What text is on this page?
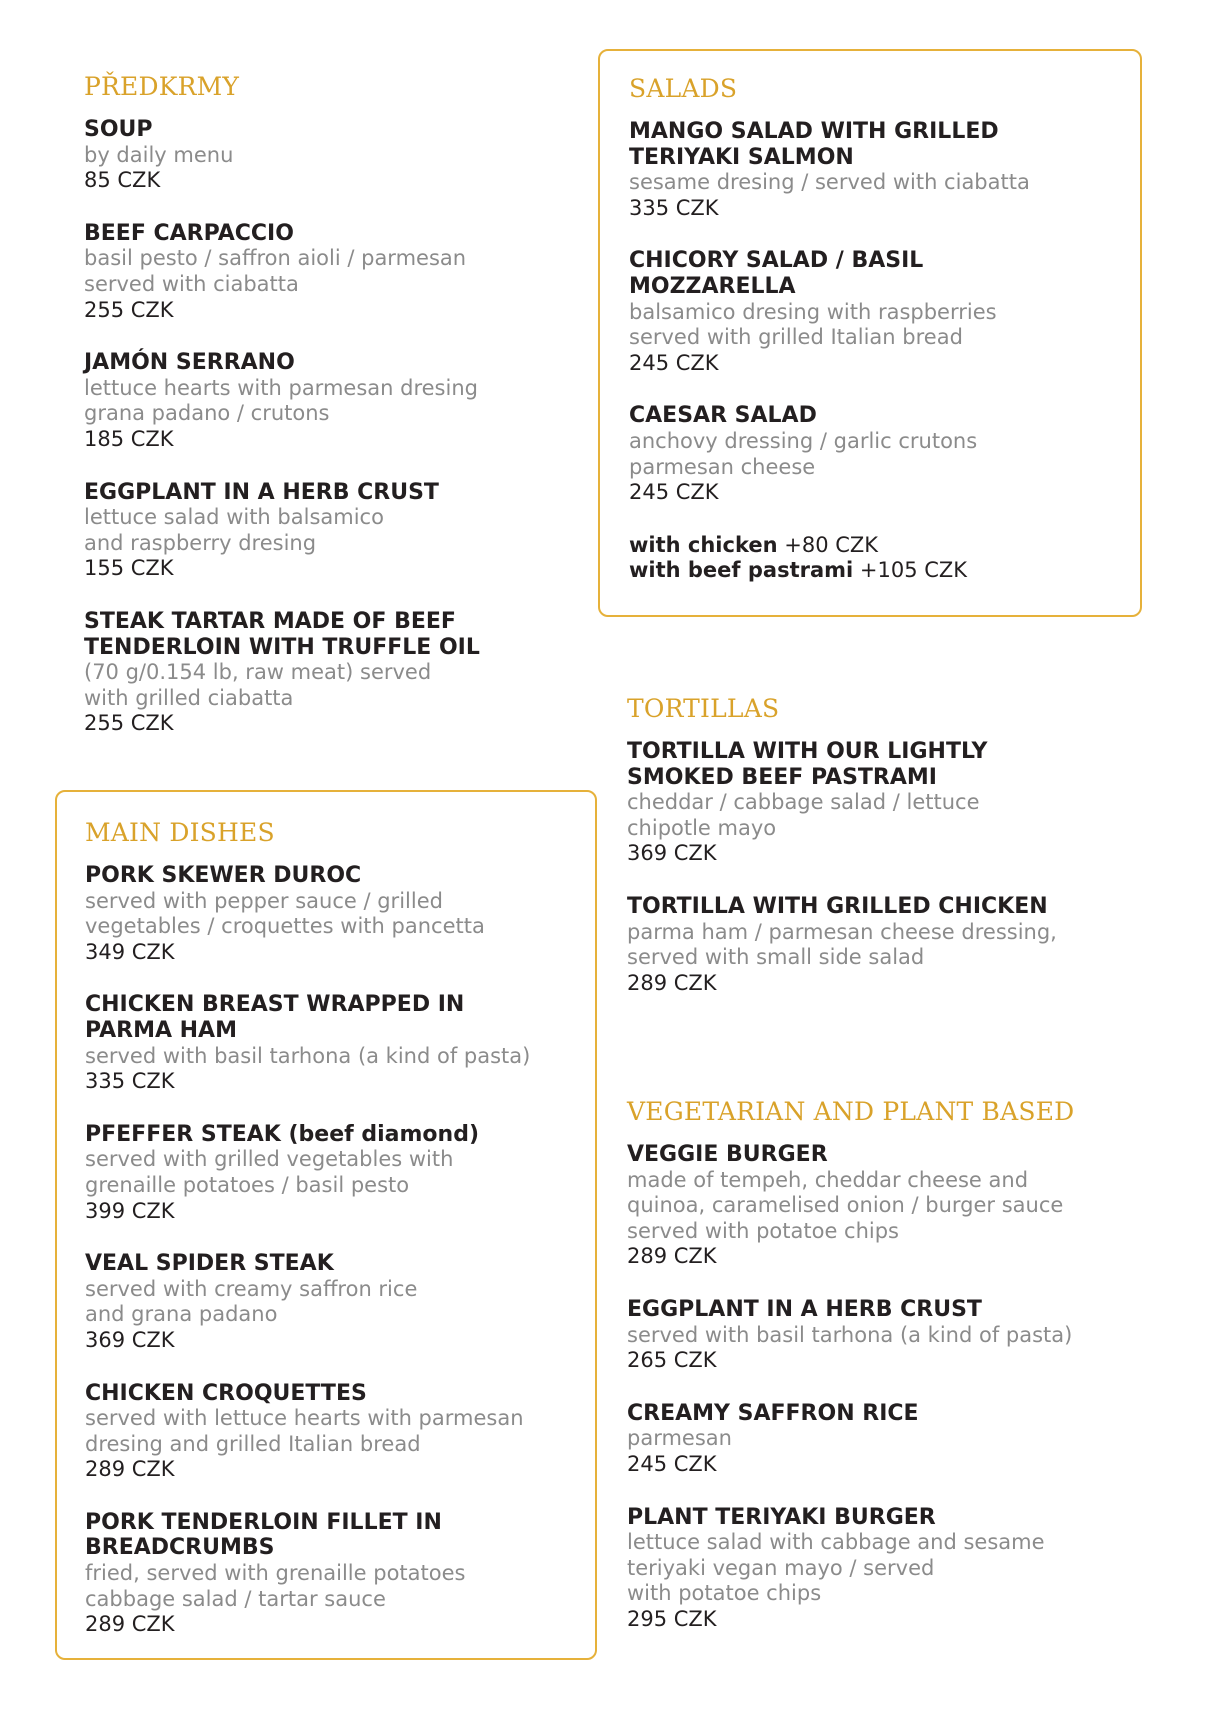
PŘEDKRMY
SOUP
by daily menu
85 CZK
BEEF CARPACCIO
basil pesto / saffron aioli / parmesan
served with ciabatta
255 CZK
JAMÓN SERRANO
lettuce hearts with parmesan dresing
grana padano / crutons
185 CZK
EGGPLANT IN A HERB CRUST
lettuce salad with balsamico
and raspberry dresing
155 CZK
STEAK TARTAR MADE OF BEEF TENDERLOIN WITH TRUFFLE OIL
(70 g/0.154 lb, raw meat) served
with grilled ciabatta
255 CZK
MAIN DISHES
PORK SKEWER DUROC
served with pepper sauce / grilled
vegetables / croquettes with pancetta
349 CZK
CHICKEN BREAST WRAPPED IN PARMA HAM
served with basil tarhona (a kind of pasta)
335 CZK
PFEFFER STEAK (beef diamond)
served with grilled vegetables with
grenaille potatoes / basil pesto
399 CZK
VEAL SPIDER STEAK
served with creamy saffron rice
and grana padano
369 CZK
CHICKEN CROQUETTES
served with lettuce hearts with parmesan
dresing and grilled Italian bread
289 CZK
PORK TENDERLOIN FILLET IN BREADCRUMBS
fried, served with grenaille potatoes
cabbage salad / tartar sauce
289 CZK
SALADS
MANGO SALAD WITH GRILLED TERIYAKI SALMON
sesame dresing / served with ciabatta
335 CZK
CHICORY SALAD / BASIL MOZZARELLA
balsamico dresing with raspberries
served with grilled Italian bread
245 CZK
CAESAR SALAD
anchovy dressing / garlic crutons
parmesan cheese
245 CZK
with chicken +80 CZK
with beef pastrami +105 CZK
TORTILLAS
TORTILLA WITH OUR LIGHTLY SMOKED BEEF PASTRAMI
cheddar / cabbage salad / lettuce
chipotle mayo
369 CZK
TORTILLA WITH GRILLED CHICKEN
parma ham / parmesan cheese dressing,
served with small side salad
289 CZK
VEGETARIAN AND PLANT BASED
VEGGIE BURGER
made of tempeh, cheddar cheese and
quinoa, caramelised onion / burger sauce
served with potatoe chips
289 CZK
EGGPLANT IN A HERB CRUST
served with basil tarhona (a kind of pasta)
265 CZK
CREAMY SAFFRON RICE
parmesan
245 CZK
PLANT TERIYAKI BURGER
lettuce salad with cabbage and sesame
teriyaki vegan mayo / served
with potatoe chips
295 CZK
